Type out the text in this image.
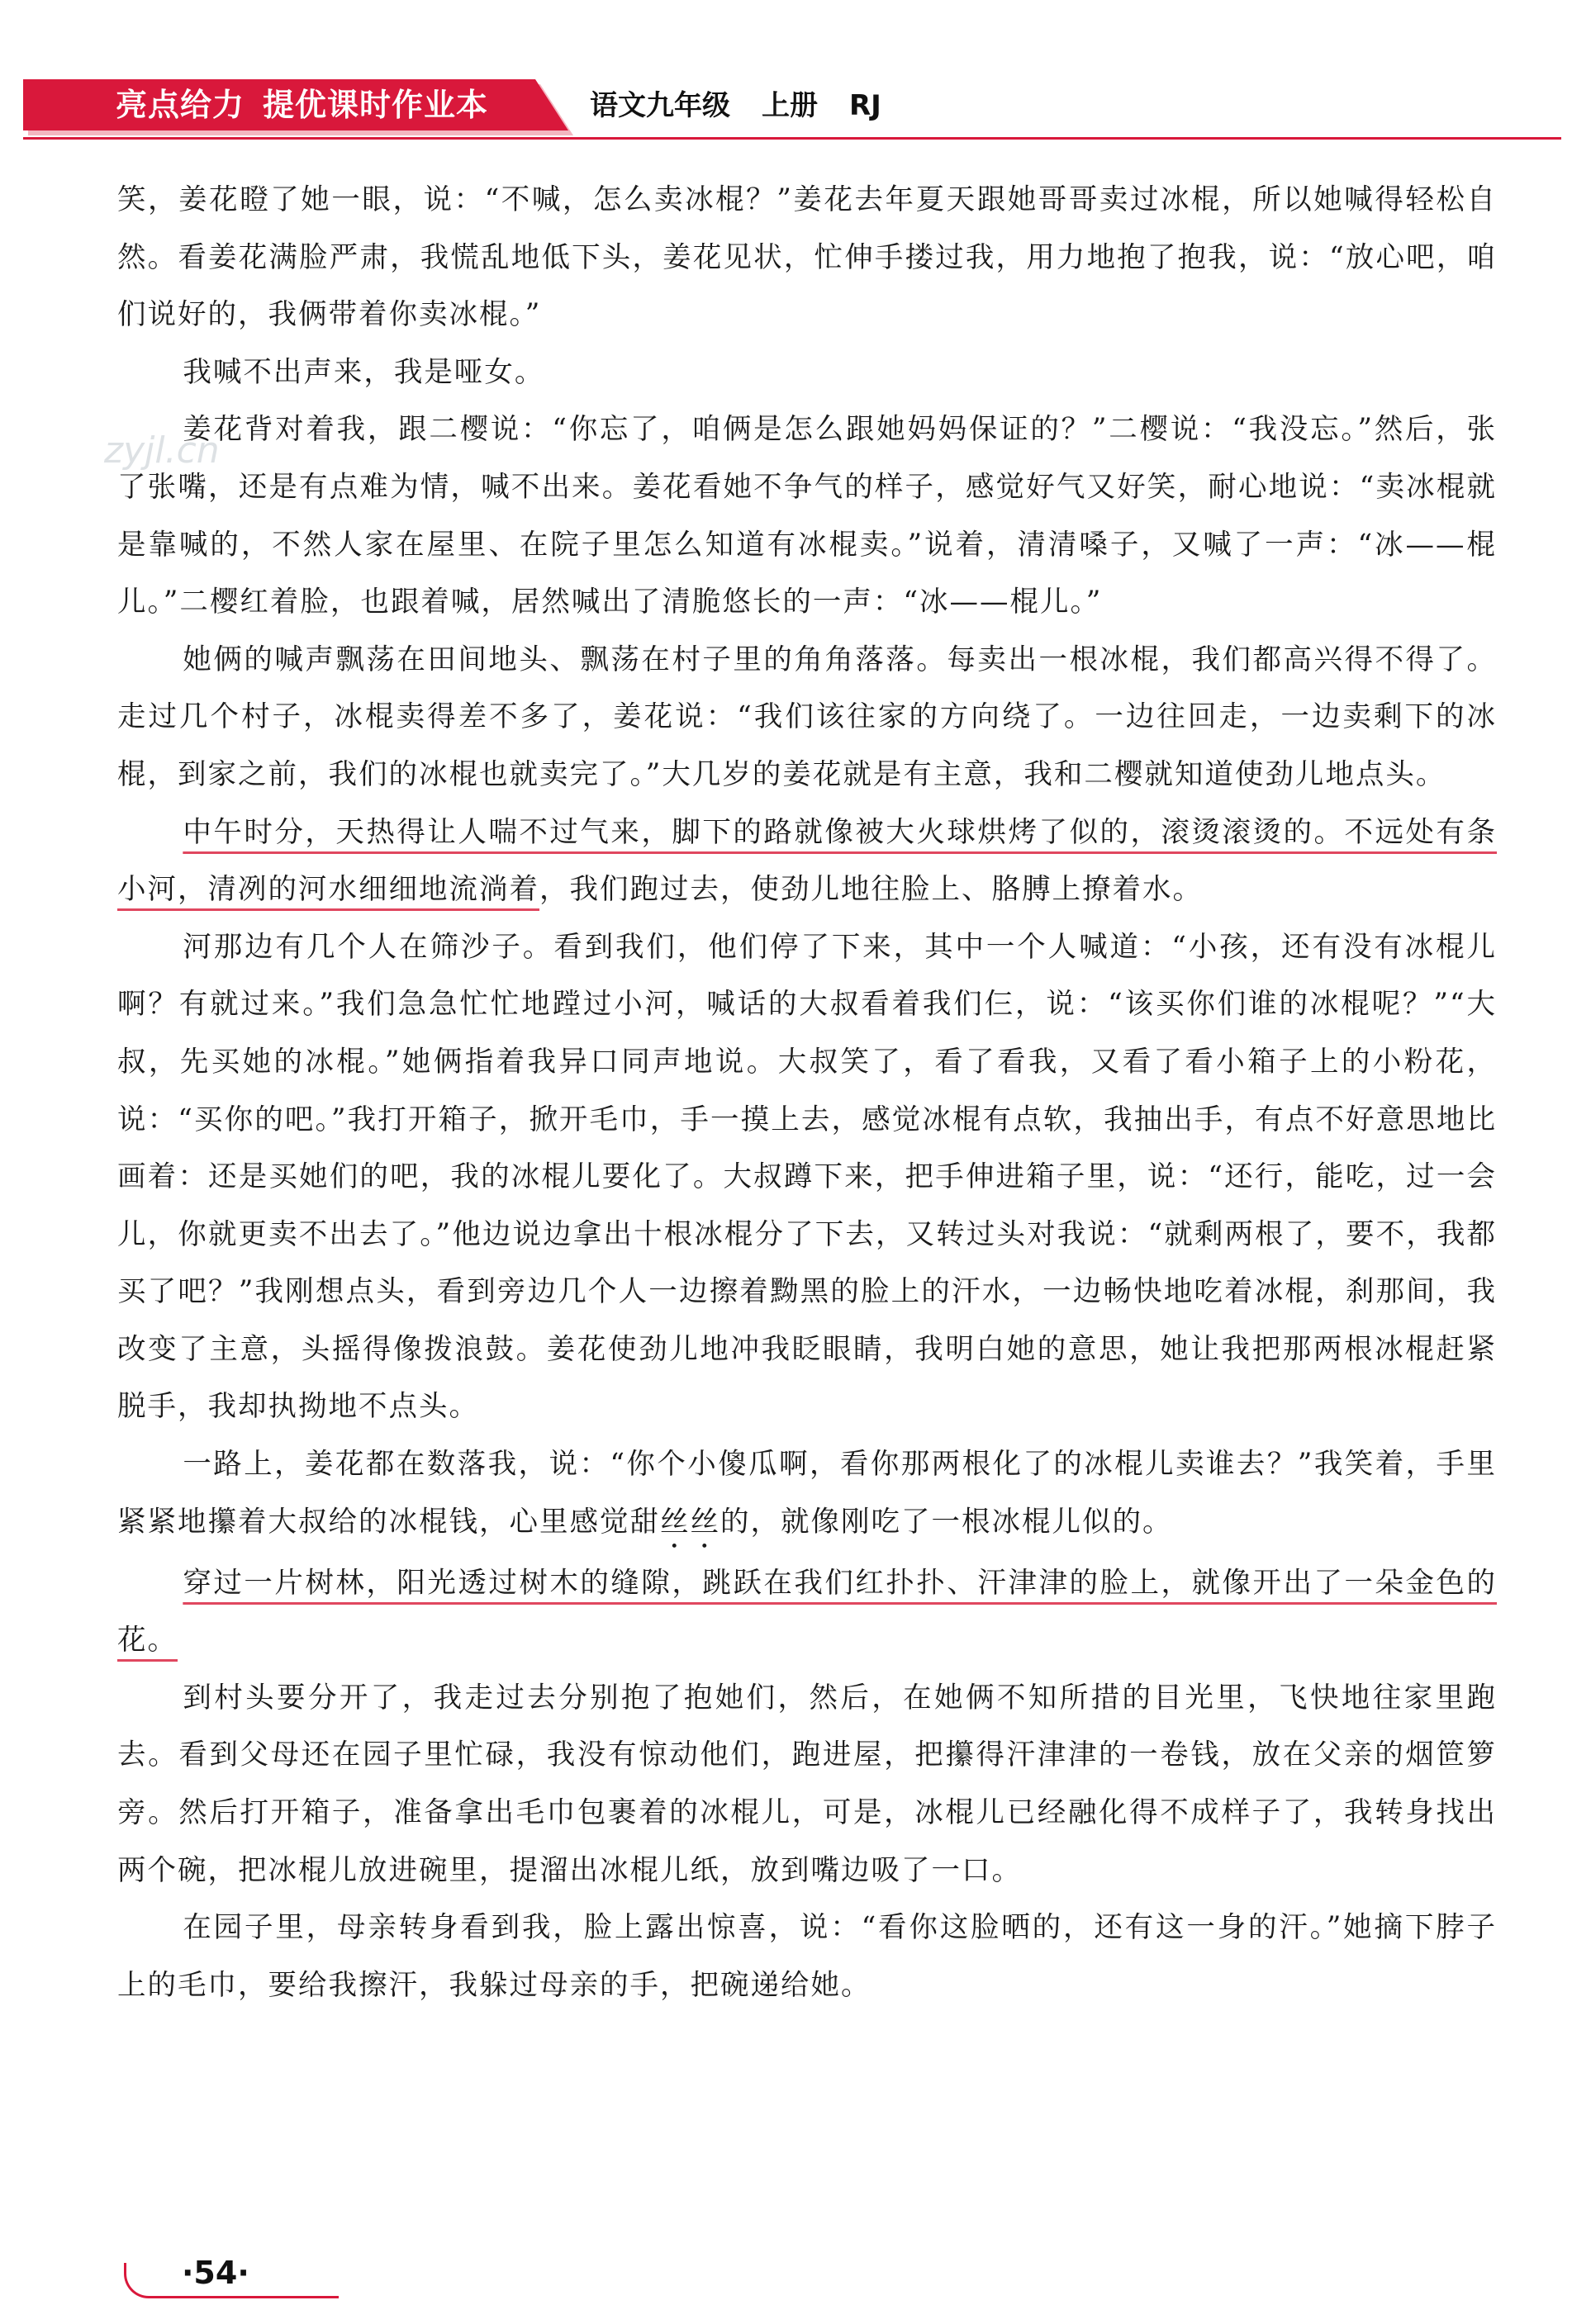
亮点给力 提优课时作业本	语文九年级 上册 RJ
zyjl.cn

笑，姜花瞪了她一眼，说：“不喊，怎么卖冰棍？”姜花去年夏天跟她哥哥卖过冰棍，所以她喊得轻松自然。看姜花满脸严肃，我慌乱地低下头，姜花见状，忙伸手搂过我，用力地抱了抱我，说：“放心吧，咱们说好的，我俩带着你卖冰棍。”

我喊不出声来，我是哑女。

姜花背对着我，跟二樱说：“你忘了，咱俩是怎么跟她妈妈保证的？”二樱说：“我没忘。”然后，张了张嘴，还是有点难为情，喊不出来。姜花看她不争气的样子，感觉好气又好笑，耐心地说：“卖冰棍就是靠喊的，不然人家在屋里、在院子里怎么知道有冰棍卖。”说着，清清嗓子，又喊了一声：“冰——棍儿。”二樱红着脸，也跟着喊，居然喊出了清脆悠长的一声：“冰——棍儿。”

她俩的喊声飘荡在田间地头、飘荡在村子里的角角落落。每卖出一根冰棍，我们都高兴得不得了。走过几个村子，冰棍卖得差不多了，姜花说：“我们该往家的方向绕了。一边往回走，一边卖剩下的冰棍，到家之前，我们的冰棍也就卖完了。”大几岁的姜花就是有主意，我和二樱就知道使劲儿地点头。

中午时分，天热得让人喘不过气来，脚下的路就像被大火球烘烤了似的，滚烫滚烫的。不远处有条小河，清冽的河水细细地流淌着，我们跑过去，使劲儿地往脸上、胳膊上撩着水。

河那边有几个人在筛沙子。看到我们，他们停了下来，其中一个人喊道：“小孩，还有没有冰棍儿啊？有就过来。”我们急急忙忙地蹚过小河，喊话的大叔看着我们仨，说：“该买你们谁的冰棍呢？”“大叔，先买她的冰棍。”她俩指着我异口同声地说。大叔笑了，看了看我，又看了看小箱子上的小粉花，说：“买你的吧。”我打开箱子，掀开毛巾，手一摸上去，感觉冰棍有点软，我抽出手，有点不好意思地比画着：还是买她们的吧，我的冰棍儿要化了。大叔蹲下来，把手伸进箱子里，说：“还行，能吃，过一会儿，你就更卖不出去了。”他边说边拿出十根冰棍分了下去，又转过头对我说：“就剩两根了，要不，我都买了吧？”我刚想点头，看到旁边几个人一边擦着黝黑的脸上的汗水，一边畅快地吃着冰棍，刹那间，我改变了主意，头摇得像拨浪鼓。姜花使劲儿地冲我眨眼睛，我明白她的意思，她让我把那两根冰棍赶紧脱手，我却执拗地不点头。

一路上，姜花都在数落我，说：“你个小傻瓜啊，看你那两根化了的冰棍儿卖谁去？”我笑着，手里紧紧地攥着大叔给的冰棍钱，心里感觉甜丝丝的，就像刚吃了一根冰棍儿似的。

穿过一片树林，阳光透过树木的缝隙，跳跃在我们红扑扑、汗津津的脸上，就像开出了一朵金色的花。

到村头要分开了，我走过去分别抱了抱她们，然后，在她俩不知所措的目光里，飞快地往家里跑去。看到父母还在园子里忙碌，我没有惊动他们，跑进屋，把攥得汗津津的一卷钱，放在父亲的烟笸箩旁。然后打开箱子，准备拿出毛巾包裹着的冰棍儿，可是，冰棍儿已经融化得不成样子了，我转身找出两个碗，把冰棍儿放进碗里，提溜出冰棍儿纸，放到嘴边吸了一口。

在园子里，母亲转身看到我，脸上露出惊喜，说：“看你这脸晒的，还有这一身的汗。”她摘下脖子上的毛巾，要给我擦汗，我躲过母亲的手，把碗递给她。

·54·
